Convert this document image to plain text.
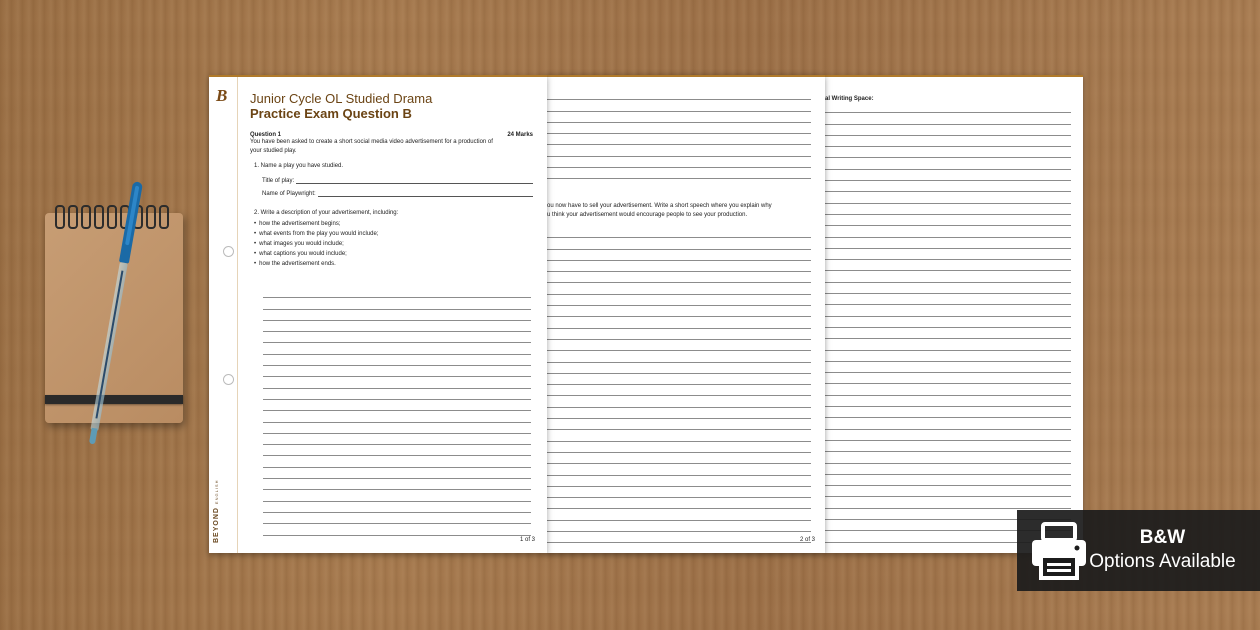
al Writing Space:
ou now have to sell your advertisement. Write a short speech where you explain why
u think your advertisement would encourage people to see your production.
2 of 3
B
BEYOND ENGLISH
Junior Cycle OL Studied Drama
Practice Exam Question B
Question 1	24 Marks
You have been asked to create a short social media video advertisement for a production of
your studied play.
1. Name a play you have studied.
Title of play:
Name of Playwright:
2. Write a description of your advertisement, including:
• how the advertisement begins;
• what events from the play you would include;
• what images you would include;
• what captions you would include;
• how the advertisement ends.
1 of 3	B&W
Options Available
